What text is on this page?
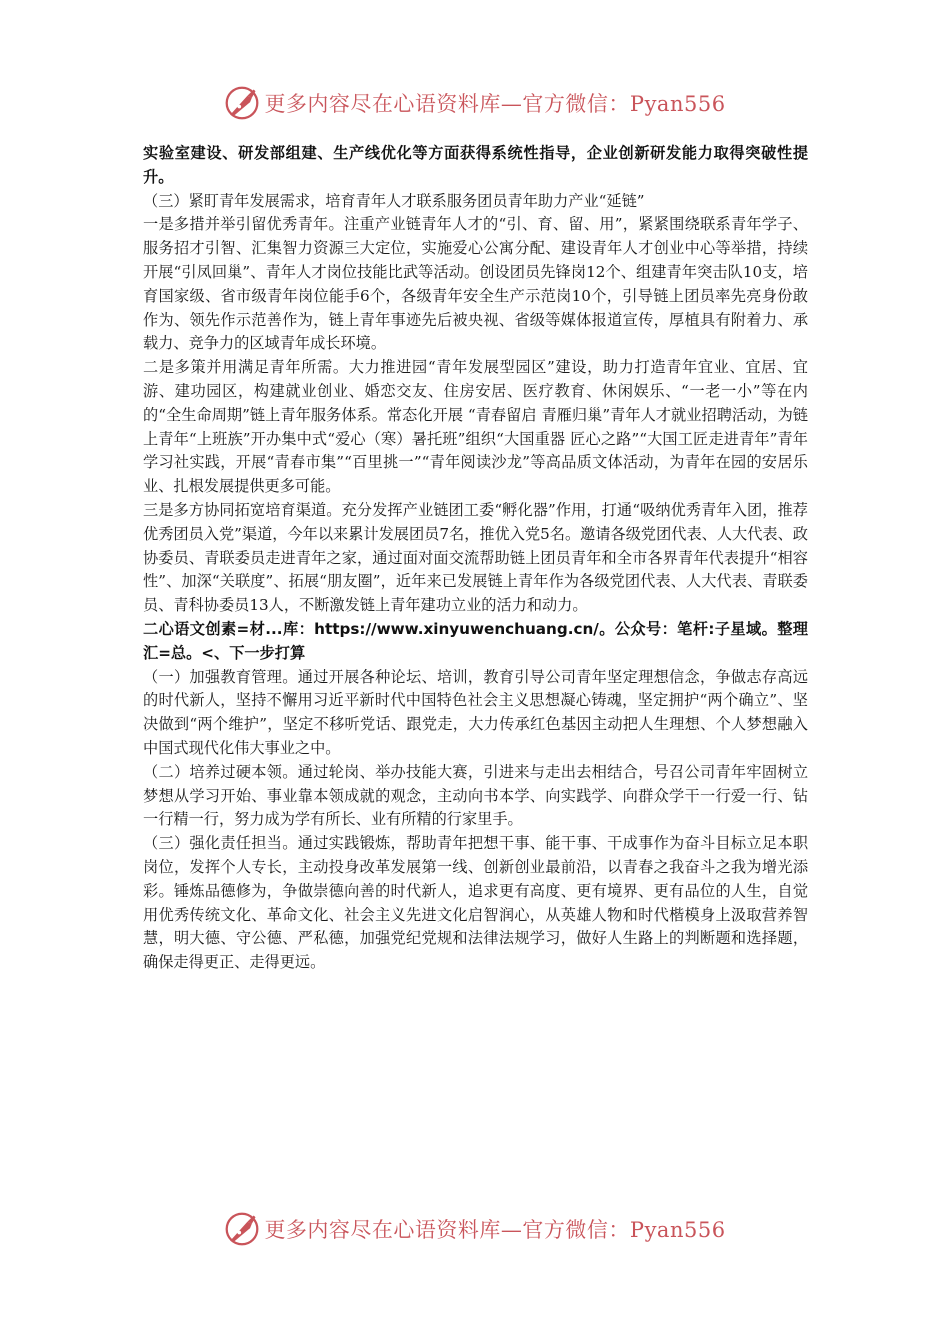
更多内容尽在心语资料库—官方微信：Pyan556

实验室建设、研发部组建、生产线优化等方面获得系统性指导，企业创新研发能力取得突破性提升。

（三）紧盯青年发展需求，培育青年人才联系服务团员青年助力产业“延链”

一是多措并举引留优秀青年。注重产业链青年人才的“引、育、留、用”，紧紧围绕联系青年学子、服务招才引智、汇集智力资源三大定位，实施爱心公寓分配、建设青年人才创业中心等举措，持续开展“引凤回巢”、青年人才岗位技能比武等活动。创设团员先锋岗12个、组建青年突击队10支，培育国家级、省市级青年岗位能手6个，各级青年安全生产示范岗10个，引导链上团员率先亮身份敢作为、领先作示范善作为，链上青年事迹先后被央视、省级等媒体报道宣传，厚植具有附着力、承载力、竞争力的区域青年成长环境。

二是多策并用满足青年所需。大力推进园“青年发展型园区”建设，助力打造青年宜业、宜居、宜游、建功园区，构建就业创业、婚恋交友、住房安居、医疗教育、休闲娱乐、“一老一小”等在内的“全生命周期”链上青年服务体系。常态化开展 “青春留启 青雁归巢”青年人才就业招聘活动，为链上青年“上班族”开办集中式“爱心（寒）暑托班”组织“大国重器 匠心之路”“大国工匠走进青年”青年学习社实践，开展“青春市集”“百里挑一”“青年阅读沙龙”等高品质文体活动，为青年在园的安居乐业、扎根发展提供更多可能。

三是多方协同拓宽培育渠道。充分发挥产业链团工委“孵化器”作用，打通“吸纳优秀青年入团，推荐优秀团员入党”渠道，今年以来累计发展团员7名，推优入党5名。邀请各级党团代表、人大代表、政协委员、青联委员走进青年之家，通过面对面交流帮助链上团员青年和全市各界青年代表提升“相容性”、加深“关联度”、拓展“朋友圈”，近年来已发展链上青年作为各级党团代表、人大代表、青联委员、青科协委员13人，不断激发链上青年建功立业的活力和动力。

二心语文创素=材...库：https://www.xinyuwenchuang.cn/。公众号：笔杆:子星域。整理汇=总。<、下一步打算

（一）加强教育管理。通过开展各种论坛、培训，教育引导公司青年坚定理想信念，争做志存高远的时代新人，坚持不懈用习近平新时代中国特色社会主义思想凝心铸魂，坚定拥护“两个确立”、坚决做到“两个维护”，坚定不移听党话、跟党走，大力传承红色基因主动把人生理想、个人梦想融入中国式现代化伟大事业之中。

（二）培养过硬本领。通过轮岗、举办技能大赛，引进来与走出去相结合，号召公司青年牢固树立梦想从学习开始、事业靠本领成就的观念，主动向书本学、向实践学、向群众学干一行爱一行、钻一行精一行，努力成为学有所长、业有所精的行家里手。

（三）强化责任担当。通过实践锻炼，帮助青年把想干事、能干事、干成事作为奋斗目标立足本职岗位，发挥个人专长，主动投身改革发展第一线、创新创业最前沿，以青春之我奋斗之我为增光添彩。锤炼品德修为，争做崇德向善的时代新人，追求更有高度、更有境界、更有品位的人生，自觉用优秀传统文化、革命文化、社会主义先进文化启智润心，从英雄人物和时代楷模身上汲取营养智慧，明大德、守公德、严私德，加强党纪党规和法律法规学习，做好人生路上的判断题和选择题，确保走得更正、走得更远。

更多内容尽在心语资料库—官方微信：Pyan556
